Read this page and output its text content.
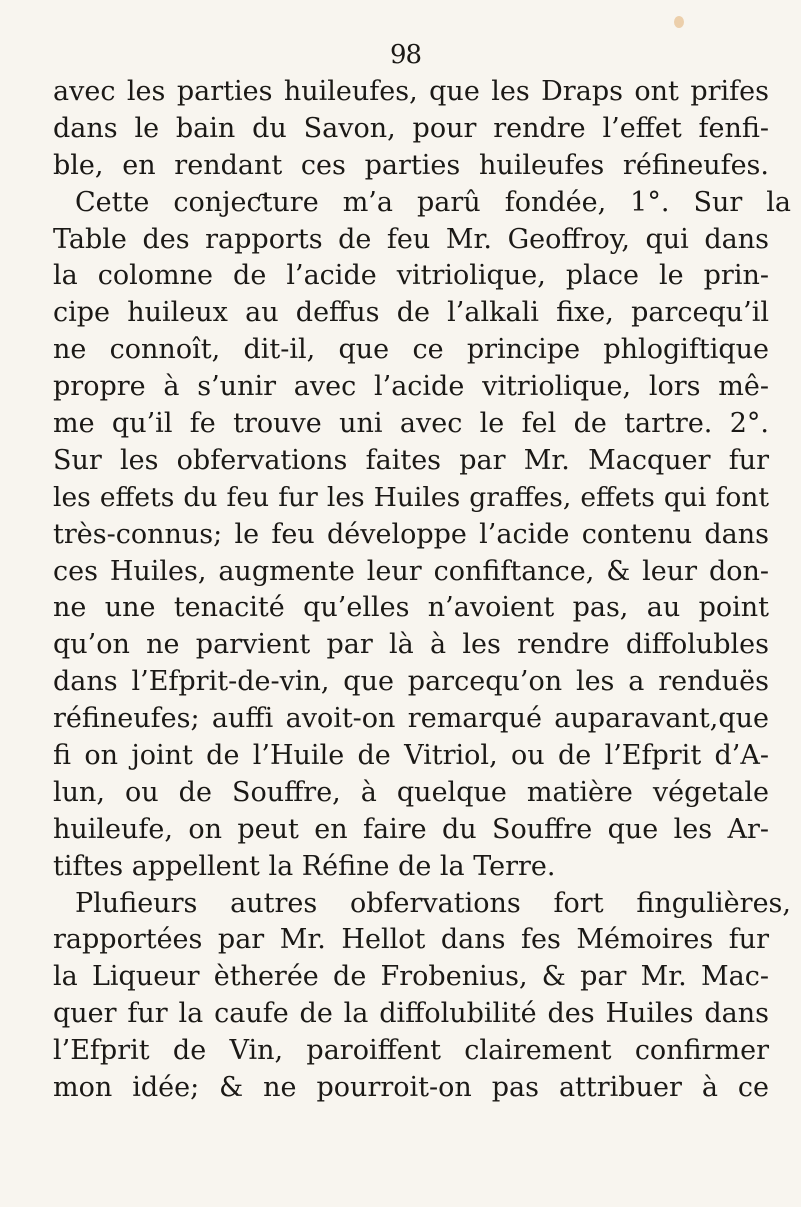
98
avec les parties huileufes, que les Draps ont prifes
dans le bain du Savon, pour rendre l’effet fenfi-
ble, en rendant ces parties huileufes réfineufes.
Cette conjeƈture m’a parû fondée, 1°. Sur la
Table des rapports de feu Mr. Geoffroy, qui dans
la colomne de l’acide vitriolique, place le prin-
cipe huileux au deffus de l’alkali fixe, parcequ’il
ne connoît, dit-il, que ce principe phlogiftique
propre à s’unir avec l’acide vitriolique, lors mê-
me qu’il fe trouve uni avec le fel de tartre. 2°.
Sur les obfervations faites par Mr. Macquer fur
les effets du feu fur les Huiles graffes, effets qui font
très-connus; le feu développe l’acide contenu dans
ces Huiles, augmente leur confiftance, & leur don-
ne une tenacité qu’elles n’avoient pas, au point
qu’on ne parvient par là à les rendre diffolubles
dans l’Efprit-de-vin, que parcequ’on les a renduës
réfineufes; auffi avoit-on remarqué auparavant,que
fi on joint de l’Huile de Vitriol, ou de l’Efprit d’A-
lun, ou de Souffre, à quelque matière végetale
huileufe, on peut en faire du Souffre que les Ar-
tiftes appellent la Réfine de la Terre.
Plufieurs autres obfervations fort fingulières,
rapportées par Mr. Hellot dans fes Mémoires fur
la Liqueur ètherée de Frobenius, & par Mr. Mac-
quer fur la caufe de la diffolubilité des Huiles dans
l’Efprit de Vin, paroiffent clairement confirmer
mon idée; & ne pourroit-on pas attribuer à ce
